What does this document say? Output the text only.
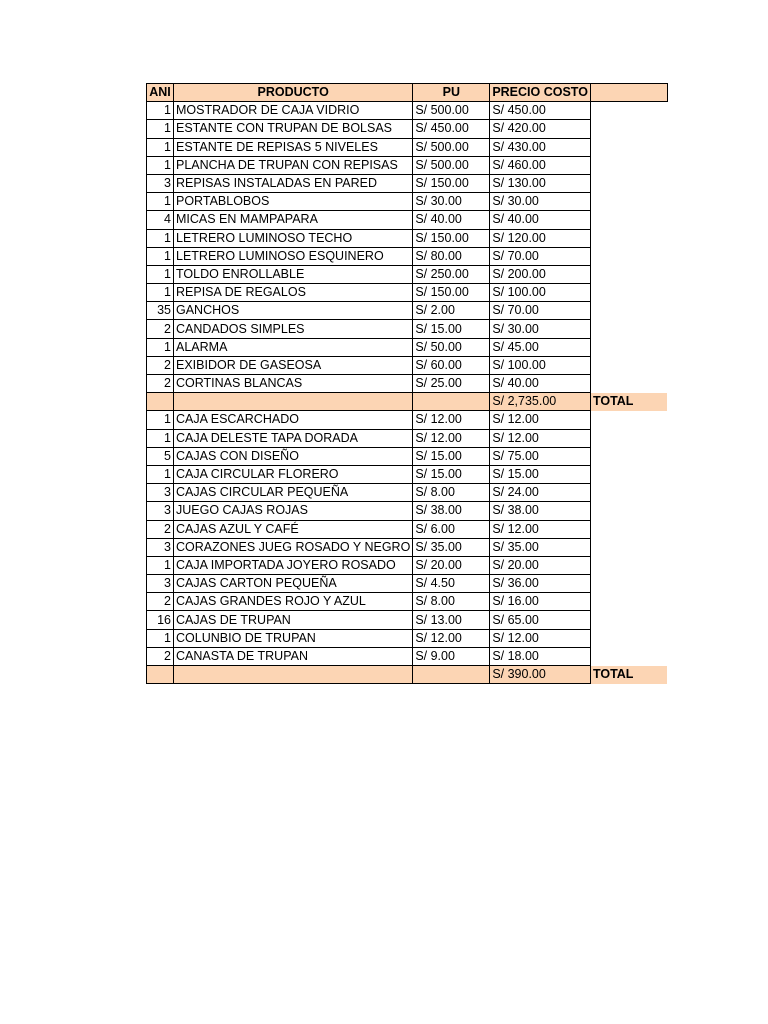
ANI	PRODUCTO	PU	PRECIO COSTO	
1	MOSTRADOR DE CAJA VIDRIO	S/ 500.00	S/ 450.00	
1	ESTANTE CON TRUPAN DE BOLSAS	S/ 450.00	S/ 420.00	
1	ESTANTE DE REPISAS 5 NIVELES	S/ 500.00	S/ 430.00	
1	PLANCHA DE TRUPAN CON REPISAS	S/ 500.00	S/ 460.00	
3	REPISAS INSTALADAS EN PARED	S/ 150.00	S/ 130.00	
1	PORTABLOBOS	S/ 30.00	S/ 30.00	
4	MICAS EN MAMPAPARA	S/ 40.00	S/ 40.00	
1	LETRERO LUMINOSO TECHO	S/ 150.00	S/ 120.00	
1	LETRERO LUMINOSO ESQUINERO	S/ 80.00	S/ 70.00	
1	TOLDO ENROLLABLE	S/ 250.00	S/ 200.00	
1	REPISA DE REGALOS	S/ 150.00	S/ 100.00	
35	GANCHOS	S/ 2.00	S/ 70.00	
2	CANDADOS SIMPLES	S/ 15.00	S/ 30.00	
1	ALARMA	S/ 50.00	S/ 45.00	
2	EXIBIDOR DE GASEOSA	S/ 60.00	S/ 100.00	
2	CORTINAS BLANCAS	S/ 25.00	S/ 40.00	
			S/ 2,735.00	TOTAL
1	CAJA ESCARCHADO	S/ 12.00	S/ 12.00	
1	CAJA DELESTE TAPA DORADA	S/ 12.00	S/ 12.00	
5	CAJAS CON DISEÑO	S/ 15.00	S/ 75.00	
1	CAJA CIRCULAR FLORERO	S/ 15.00	S/ 15.00	
3	CAJAS CIRCULAR PEQUEÑA	S/ 8.00	S/ 24.00	
3	JUEGO CAJAS ROJAS	S/ 38.00	S/ 38.00	
2	CAJAS AZUL Y CAFÉ	S/ 6.00	S/ 12.00	
3	CORAZONES JUEG ROSADO Y NEGRO	S/ 35.00	S/ 35.00	
1	CAJA IMPORTADA JOYERO ROSADO	S/ 20.00	S/ 20.00	
3	CAJAS CARTON PEQUEÑA	S/ 4.50	S/ 36.00	
2	CAJAS GRANDES ROJO Y AZUL	S/ 8.00	S/ 16.00	
16	CAJAS DE TRUPAN	S/ 13.00	S/ 65.00	
1	COLUNBIO DE TRUPAN	S/ 12.00	S/ 12.00	
2	CANASTA DE TRUPAN	S/ 9.00	S/ 18.00	
			S/ 390.00	TOTAL
